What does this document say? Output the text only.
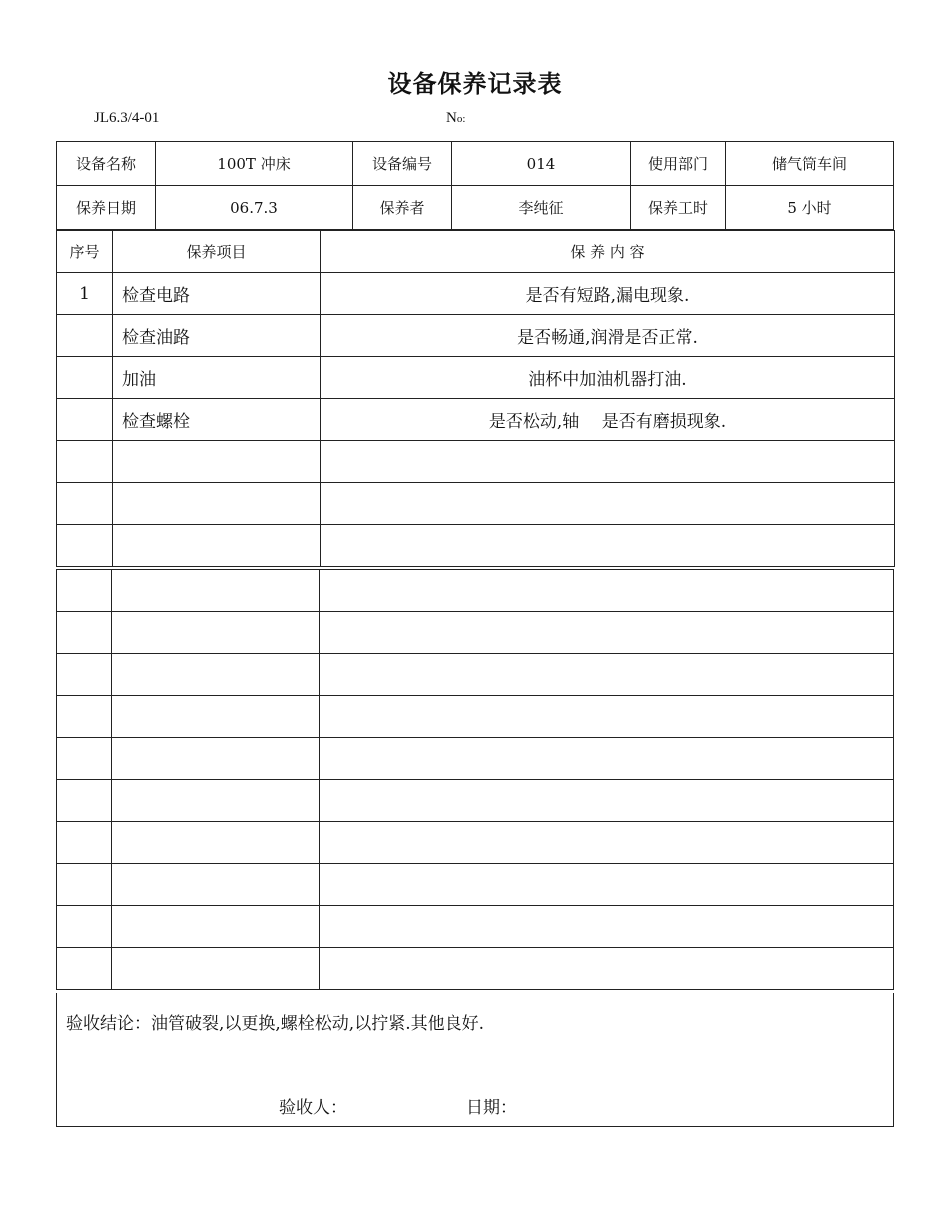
设备保养记录表
JL6.3/4-01	No:
设备名称	100T 冲床	设备编号	014	使用部门	储气筒车间
保养日期	06.7.3	保养者	李纯征	保养工时	5 小时
序号	保养项目	保 养 内 容
1	检查电路	是否有短路,漏电现象.
	检查油路	是否畅通,润滑是否正常.
	加油	油杯中加油机器打油.
	检查螺栓	是否松动,轴　 是否有磨损现象.

验收结论：油管破裂,以更换,螺栓松动,以拧紧.其他良好.
验收人：	日期：
